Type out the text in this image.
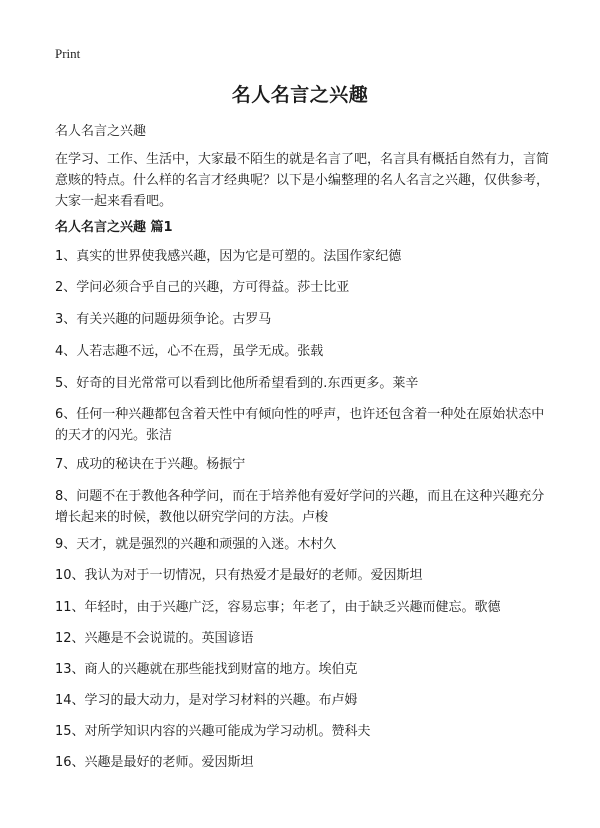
Print
名人名言之兴趣

名人名言之兴趣

在学习、工作、生活中，大家最不陌生的就是名言了吧，名言具有概括自然有力，言简意赅的特点。什么样的名言才经典呢？以下是小编整理的名人名言之兴趣，仅供参考，大家一起来看看吧。

名人名言之兴趣 篇1
1、真实的世界使我感兴趣，因为它是可塑的。法国作家纪德
2、学问必须合乎自己的兴趣，方可得益。莎士比亚
3、有关兴趣的问题毋须争论。古罗马
4、人若志趣不远，心不在焉，虽学无成。张载
5、好奇的目光常常可以看到比他所希望看到的.东西更多。莱辛
6、任何一种兴趣都包含着天性中有倾向性的呼声，也许还包含着一种处在原始状态中的天才的闪光。张洁
7、成功的秘诀在于兴趣。杨振宁
8、问题不在于教他各种学问，而在于培养他有爱好学问的兴趣，而且在这种兴趣充分增长起来的时候，教他以研究学问的方法。卢梭
9、天才，就是强烈的兴趣和顽强的入迷。木村久
10、我认为对于一切情况，只有热爱才是最好的老师。爱因斯坦
11、年轻时，由于兴趣广泛，容易忘事；年老了，由于缺乏兴趣而健忘。歌德
12、兴趣是不会说谎的。英国谚语
13、商人的兴趣就在那些能找到财富的地方。埃伯克
14、学习的最大动力，是对学习材料的兴趣。布卢姆
15、对所学知识内容的兴趣可能成为学习动机。赞科夫
16、兴趣是最好的老师。爱因斯坦
